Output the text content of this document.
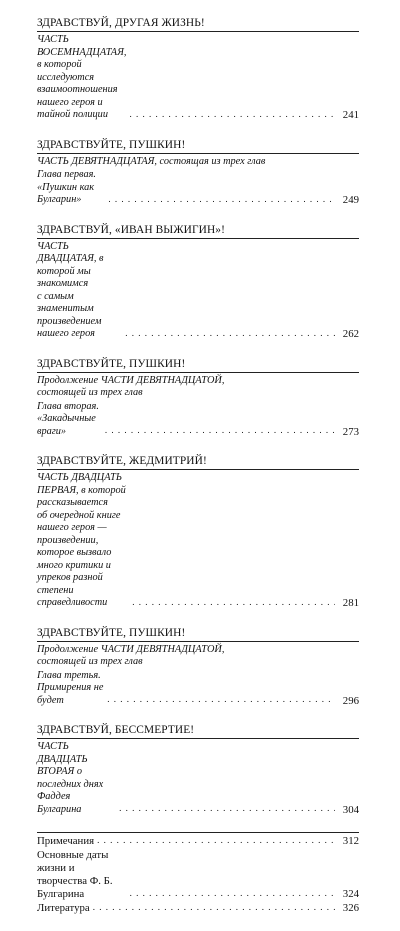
ЗДРАВСТВУЙ, ДРУГАЯ ЖИЗНЬ!
ЧАСТЬ ВОСЕМНАДЦАТАЯ, в которой исследуются
взаимоотношения нашего героя и тайной полиции . . .	241
ЗДРАВСТВУЙТЕ, ПУШКИН!
ЧАСТЬ ДЕВЯТНАДЦАТАЯ, состоящая из трех глав
Глава первая. «Пушкин как Булгарин» . . .	249
ЗДРАВСТВУЙ, «ИВАН ВЫЖИГИН»!
ЧАСТЬ ДВАДЦАТАЯ, в которой мы знакомимся
с самым знаменитым произведением нашего героя . . .	262
ЗДРАВСТВУЙТЕ, ПУШКИН!
Продолжение ЧАСТИ ДЕВЯТНАДЦАТОЙ,
состоящей из трех глав
Глава вторая. «Закадычные враги» . . .	273
ЗДРАВСТВУЙТЕ, ЖЕДМИТРИЙ!
ЧАСТЬ ДВАДЦАТЬ ПЕРВАЯ, в которой рассказывается
об очередной книге нашего героя — произведении,
которое вызвало много критики и упреков разной
степени справедливости . . .	281
ЗДРАВСТВУЙТЕ, ПУШКИН!
Продолжение ЧАСТИ ДЕВЯТНАДЦАТОЙ,
состоящей из трех глав
Глава третья. Примирения не будет . . .	296
ЗДРАВСТВУЙ, БЕССМЕРТИЕ!
ЧАСТЬ ДВАДЦАТЬ ВТОРАЯ о последних днях
Фаддея Булгарина . . .	304
Примечания . . .	312
Основные даты жизни и творчества Ф. Б. Булгарина . . .	324
Литература . . .	326
